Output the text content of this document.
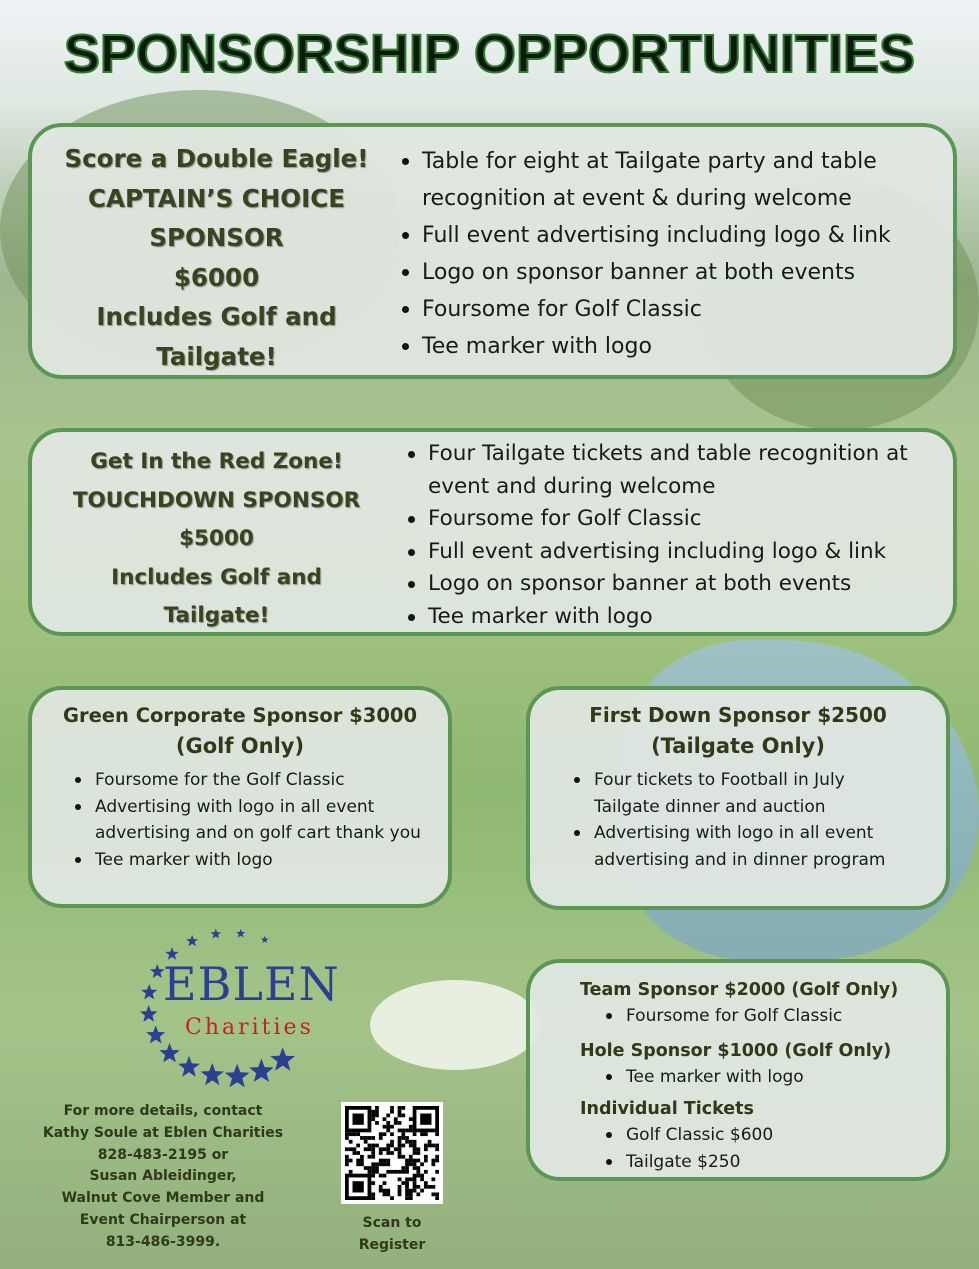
SPONSORSHIP OPPORTUNITIES
Score a Double Eagle!
CAPTAIN’S CHOICE
SPONSOR
$6000
Includes Golf and
Tailgate!
Table for eight at Tailgate party and table recognition at event & during welcome
Full event advertising including logo & link
Logo on sponsor banner at both events
Foursome for Golf Classic
Tee marker with logo
Get In the Red Zone!
TOUCHDOWN SPONSOR
$5000
Includes Golf and
Tailgate!
Four Tailgate tickets and table recognition at event and during welcome
Foursome for Golf Classic
Full event advertising including logo & link
Logo on sponsor banner at both events
Tee marker with logo
Green Corporate Sponsor $3000
(Golf Only)
Foursome for the Golf Classic
Advertising with logo in all event advertising and on golf cart thank you
Tee marker with logo
First Down Sponsor $2500
(Tailgate Only)
Four tickets to Football in July Tailgate dinner and auction
Advertising with logo in all event advertising and in dinner program
Team Sponsor $2000 (Golf Only)
Foursome for Golf Classic
Hole Sponsor $1000 (Golf Only)
Tee marker with logo
Individual Tickets
Golf Classic $600
Tailgate $250
EBLEN
Charities
For more details, contact
Kathy Soule at Eblen Charities
828-483-2195 or
Susan Ableidinger,
Walnut Cove Member and
Event Chairperson at
813-486-3999.
Scan to
Register
